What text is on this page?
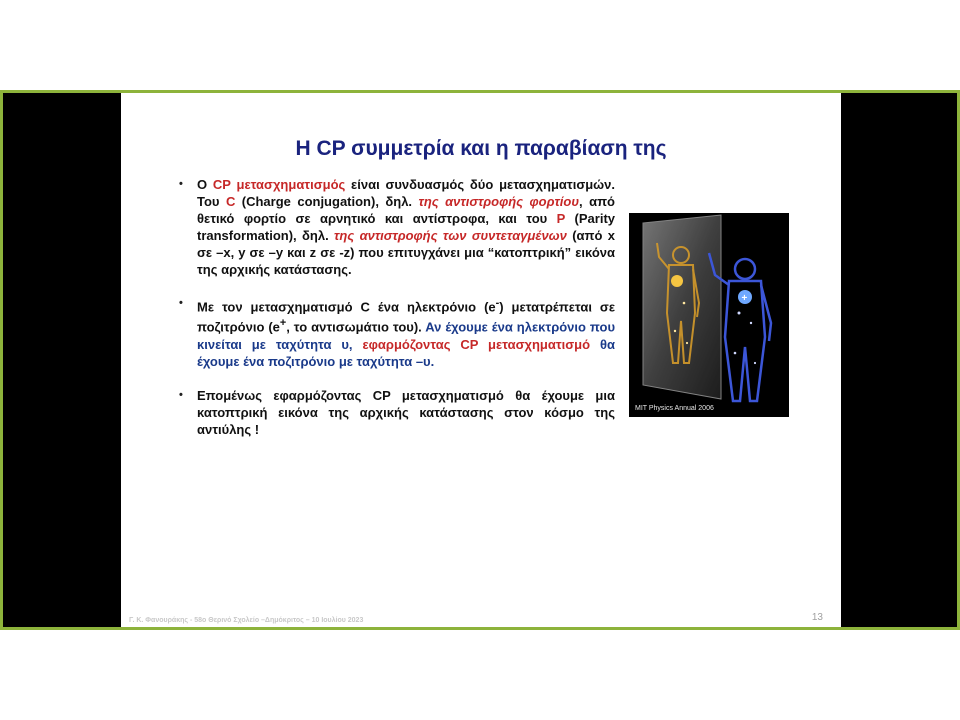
Η CP συμμετρία και η παραβίαση της
• Ο CP μετασχηματισμός είναι συνδυασμός δύο μετασχηματισμών. Του C (Charge conjugation), δηλ. της αντιστροφής φορτίου, από θετικό φορτίο σε αρνητικό και αντίστροφα, και του P (Parity transformation), δηλ. της αντιστροφής των συντεταγμένων (από x σε –x, y σε –y και z σε -z) που επιτυγχάνει μια “κατοπτρική” εικόνα της αρχικής κατάστασης.
• Με τον μετασχηματισμό C ένα ηλεκτρόνιο (e-) μετατρέπεται σε ποζιτρόνιο (e+, το αντισωμάτιο του). Αν έχουμε ένα ηλεκτρόνιο που κινείται με ταχύτητα υ, εφαρμόζοντας CP μετασχηματισμό θα έχουμε ένα ποζιτρόνιο με ταχύτητα –υ.
• Επομένως εφαρμόζοντας CP μετασχηματισμό θα έχουμε μια κατοπτρική εικόνα της αρχικής κατάστασης στον κόσμο της αντιύλης !
+
MIT Physics Annual 2006
Γ. Κ. Φανουράκης - 58ο Θερινό Σχολείο –Δημόκριτος – 10 Ιουλίου 2023	13
